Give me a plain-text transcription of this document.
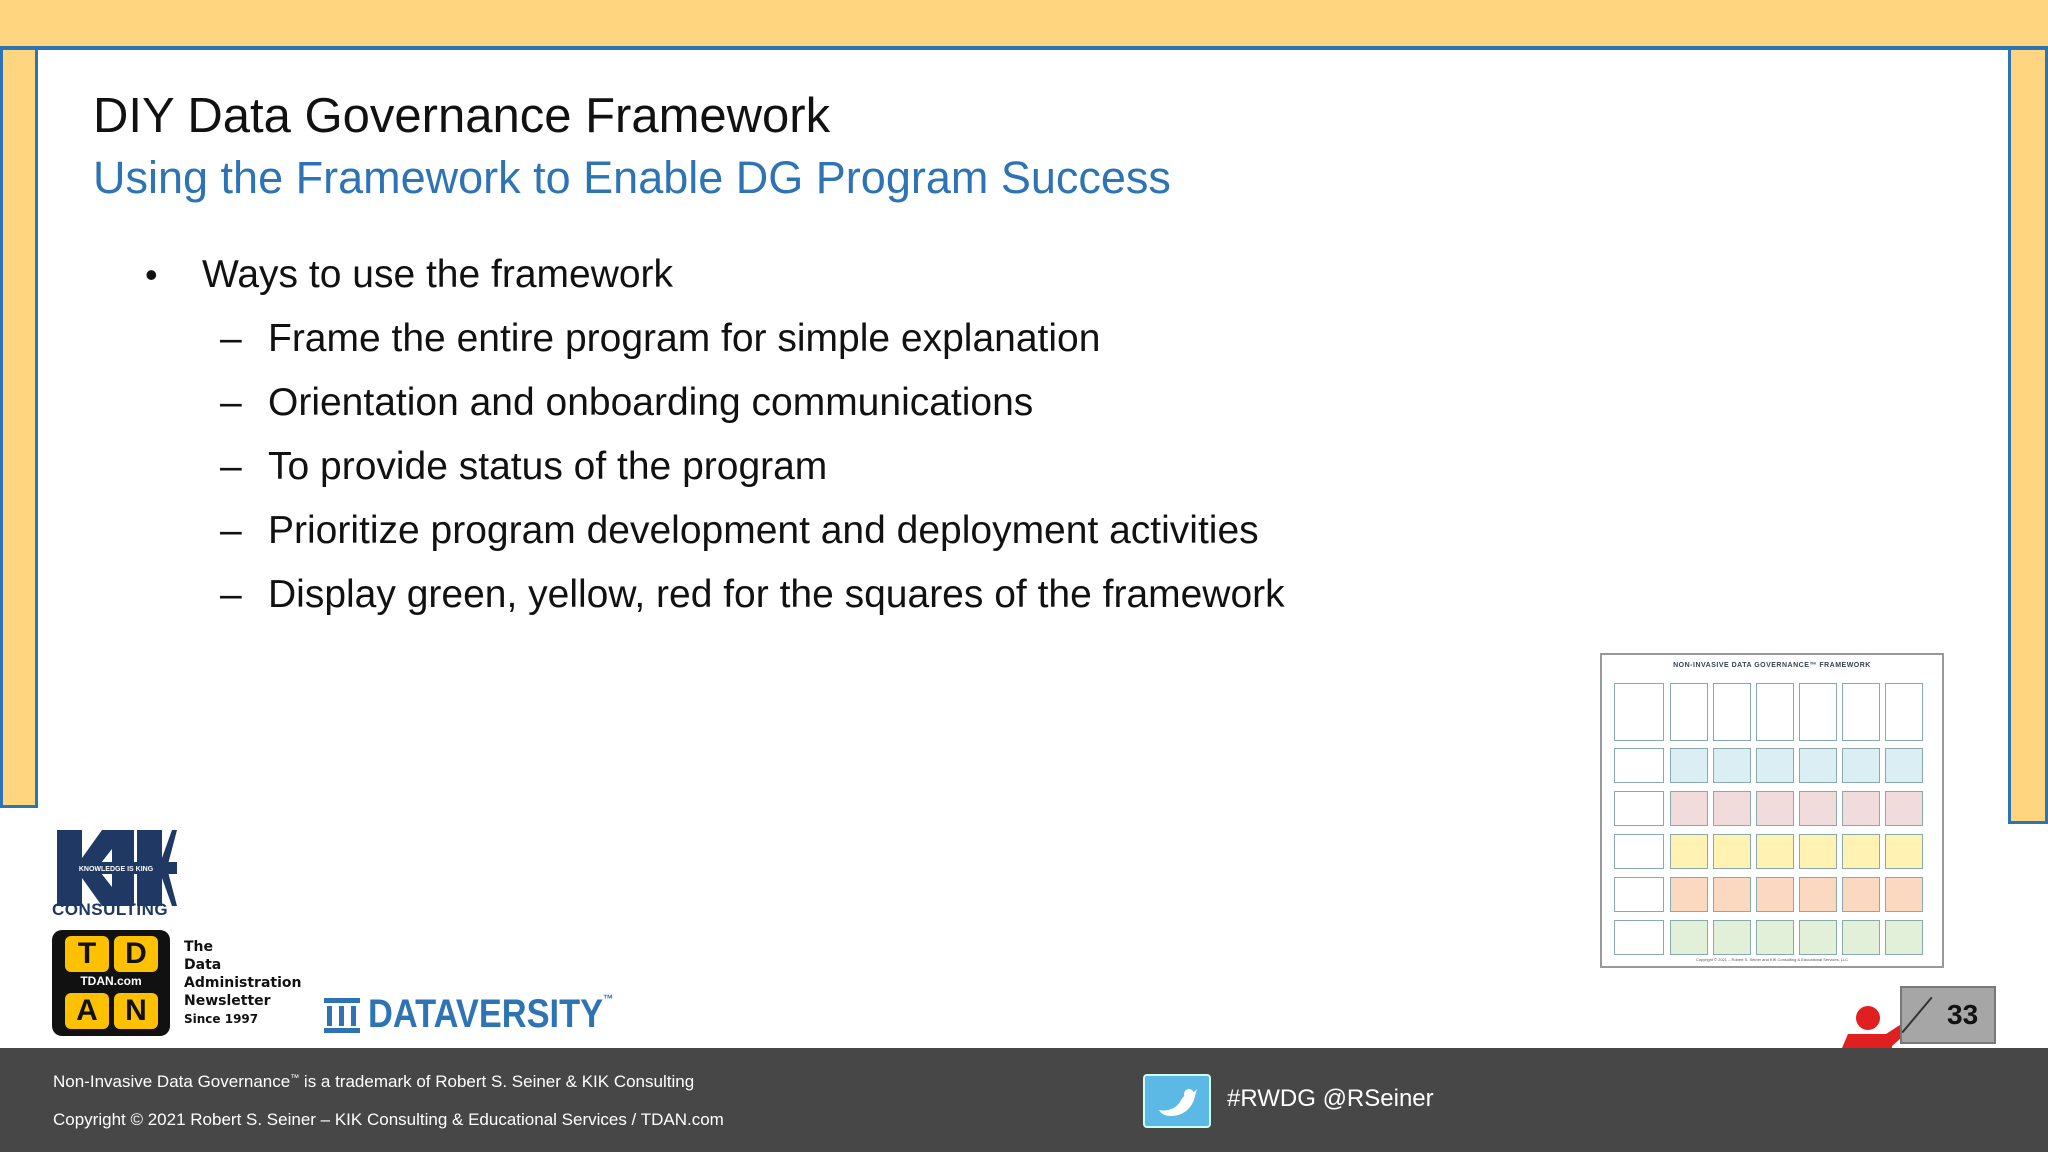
DIY Data Governance Framework
Using the Framework to Enable DG Program Success
•	Ways to use the framework
– Frame the entire program for simple explanation
– Orientation and onboarding communications
– To provide status of the program
– Prioritize program development and deployment activities
– Display green, yellow, red for the squares of the framework
NON-INVASIVE DATA GOVERNANCE™ FRAMEWORK
Copyright © 2021 – Robert S. Seiner and KIK Consulting & Educational Services, LLC
KNOWLEDGE IS KING
CONSULTING
T D
TDAN.com
A N
The
Data
Administration
Newsletter
Since 1997	DATAVERSITY™	33
Non-Invasive Data Governance™ is a trademark of Robert S. Seiner & KIK Consulting
Copyright © 2021 Robert S. Seiner – KIK Consulting & Educational Services / TDAN.com
#RWDG @RSeiner
